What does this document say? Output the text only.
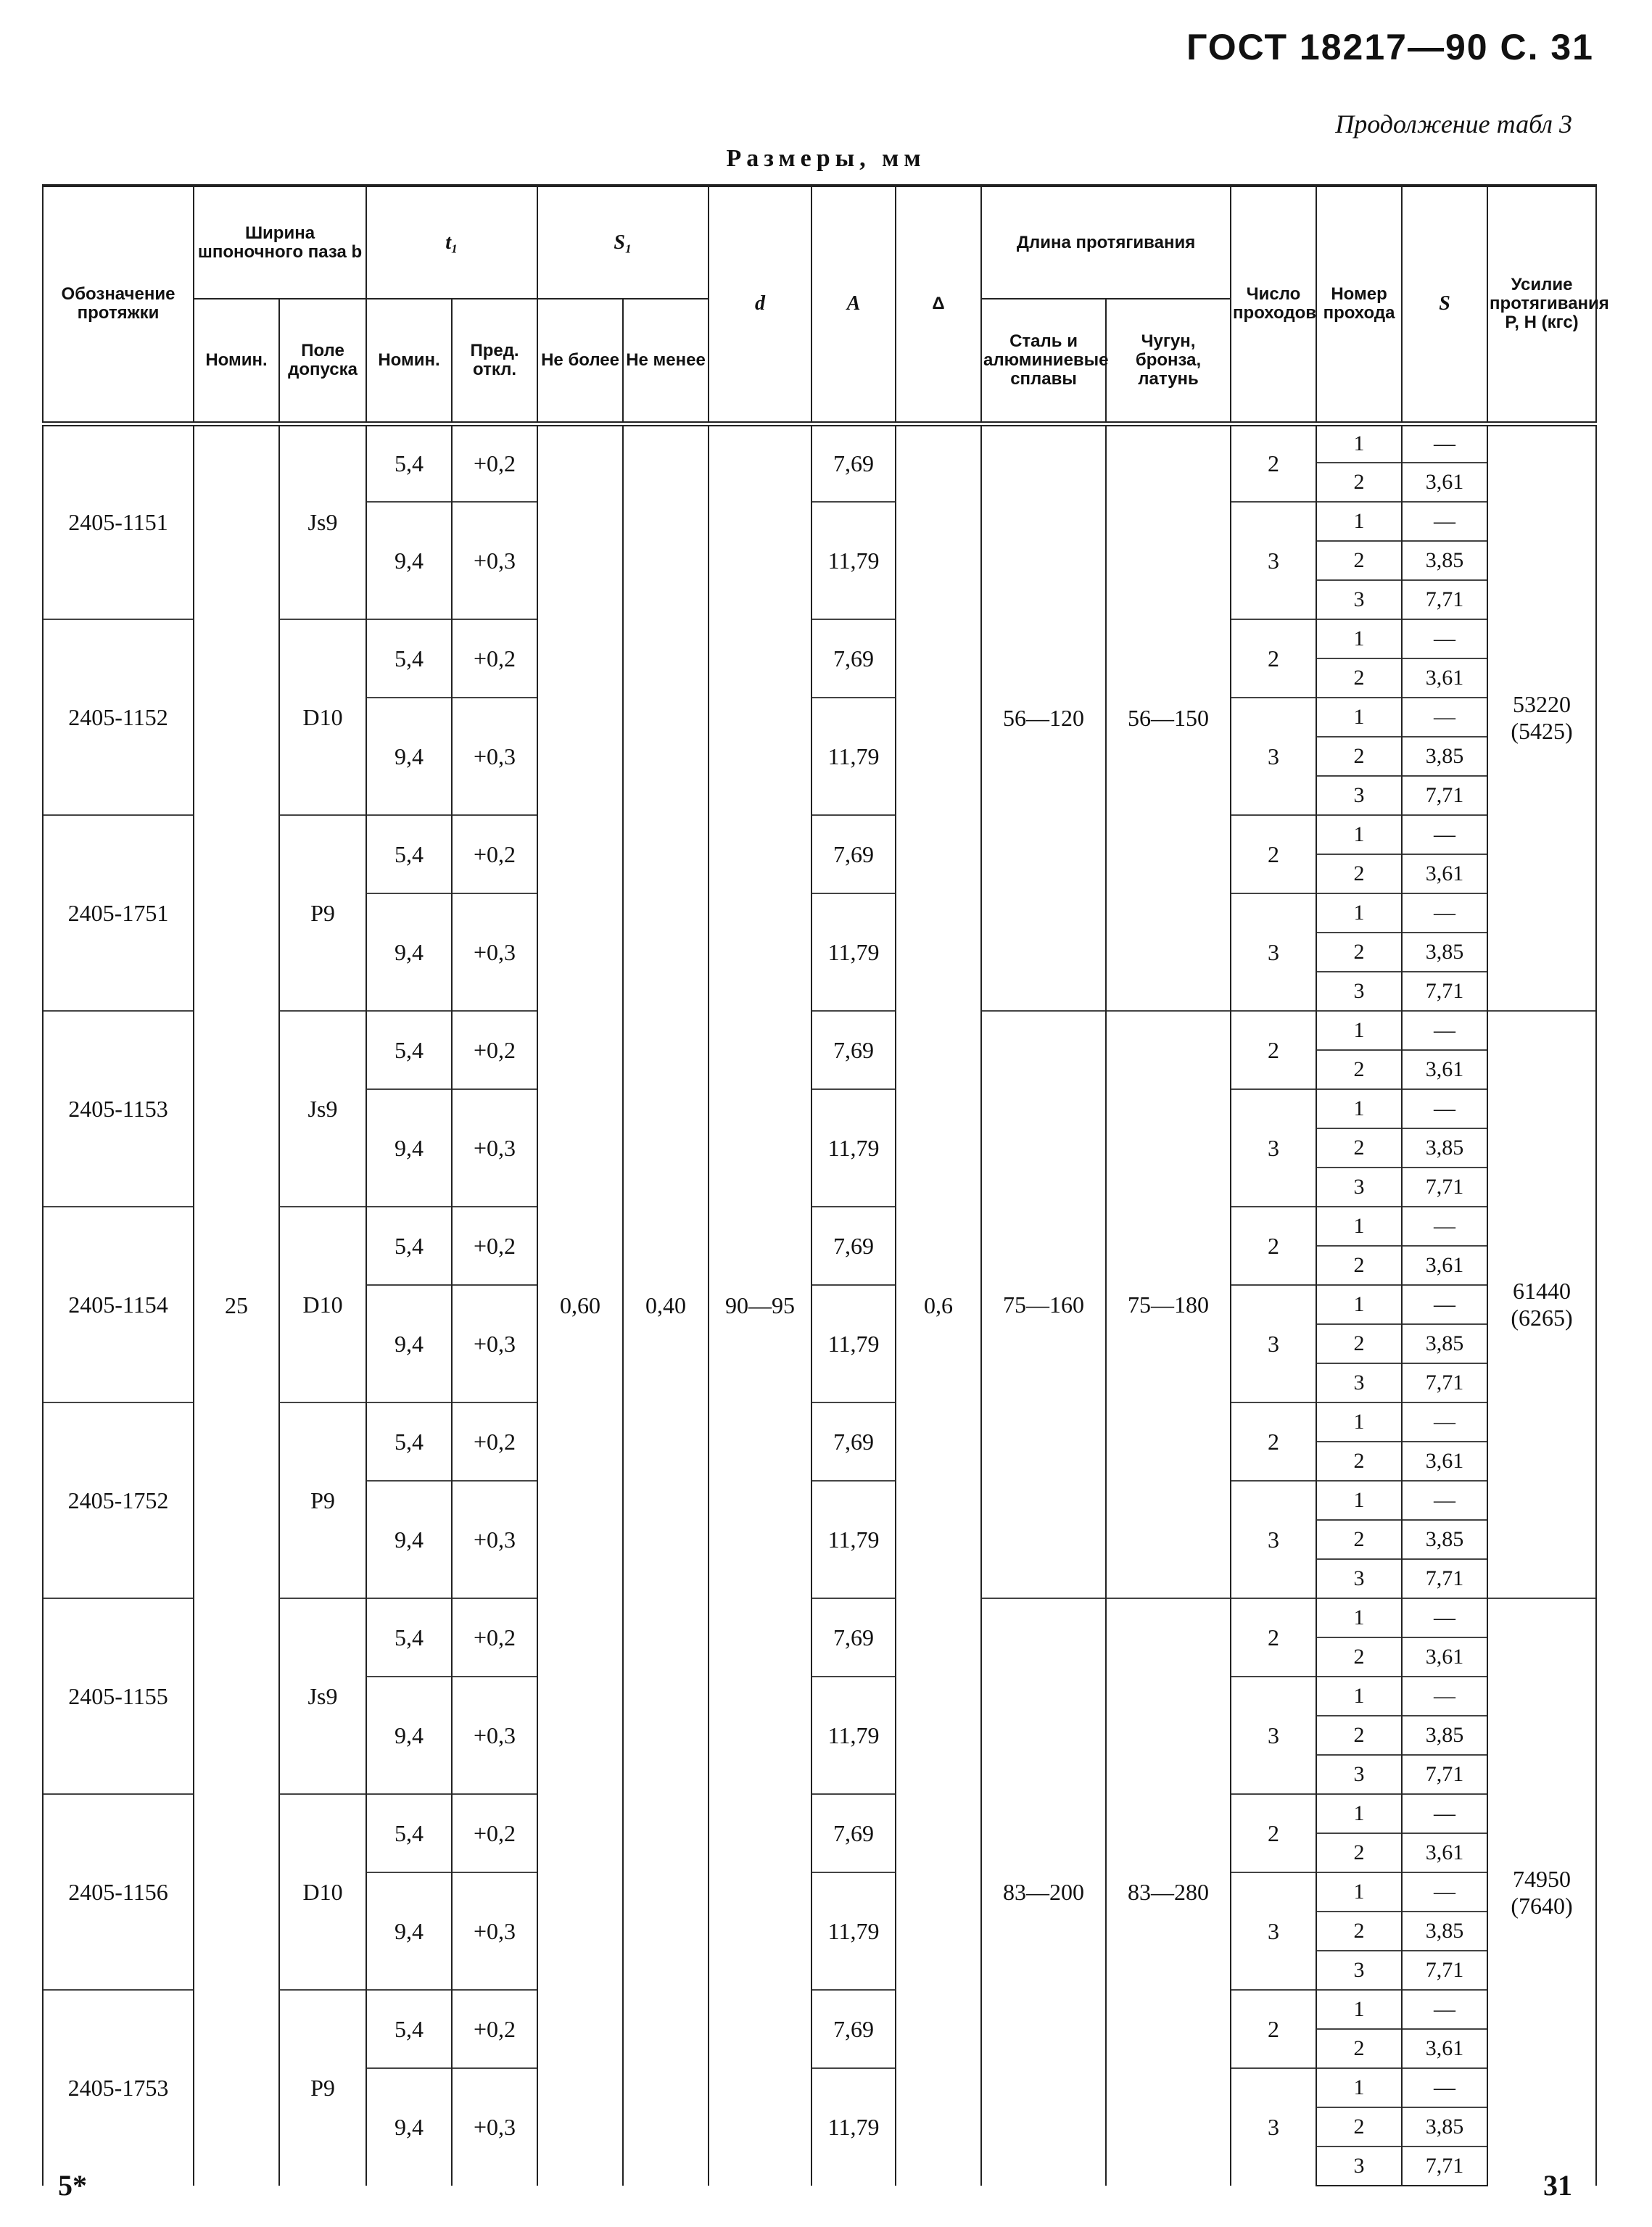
ГОСТ 18217—90 С. 31
Продолжение табл 3
Размеры, мм
Обозначение протяжки	Ширина шпоночного паза b		t₁		S₁		d	A	Δ	Длина протягивания		Число проходов	Номер прохода	S	Усилие протягивания P, Н (кгс)
	Номин.	Поле допуска	Номин.	Пред. откл.	Не более	Не менее				Сталь и алюминиевые сплавы	Чугун, бронза, латунь				
2405-1151	25	Js9	5,4	+0,2	0,60	0,40	90—95	7,69	0,6	56—120	56—150	2	1	—	53220 (5425)
													2	3,61	
			9,4	+0,3				11,79				3	1	—	
													2	3,85	
													3	7,71	
2405-1152		D10	5,4	+0,2				7,69				2	1	—	
													2	3,61	
			9,4	+0,3				11,79				3	1	—	
													2	3,85	
													3	7,71	
2405-1751		P9	5,4	+0,2				7,69				2	1	—	
													2	3,61	
			9,4	+0,3				11,79				3	1	—	
													2	3,85	
													3	7,71	
2405-1153		Js9	5,4	+0,2				7,69		75—160	75—180	2	1	—	61440 (6265)
													2	3,61	
			9,4	+0,3				11,79				3	1	—	
													2	3,85	
													3	7,71	
2405-1154		D10	5,4	+0,2				7,69				2	1	—	
													2	3,61	
			9,4	+0,3				11,79				3	1	—	
													2	3,85	
													3	7,71	
2405-1752		P9	5,4	+0,2				7,69				2	1	—	
													2	3,61	
			9,4	+0,3				11,79				3	1	—	
													2	3,85	
													3	7,71	
2405-1155		Js9	5,4	+0,2				7,69		83—200	83—280	2	1	—	74950 (7640)
													2	3,61	
			9,4	+0,3				11,79				3	1	—	
													2	3,85	
													3	7,71	
2405-1156		D10	5,4	+0,2				7,69				2	1	—	
													2	3,61	
			9,4	+0,3				11,79				3	1	—	
													2	3,85	
													3	7,71	
2405-1753		P9	5,4	+0,2				7,69				2	1	—	
													2	3,61	
			9,4	+0,3				11,79				3	1	—	
													2	3,85	
													3	7,71	
5*	31
